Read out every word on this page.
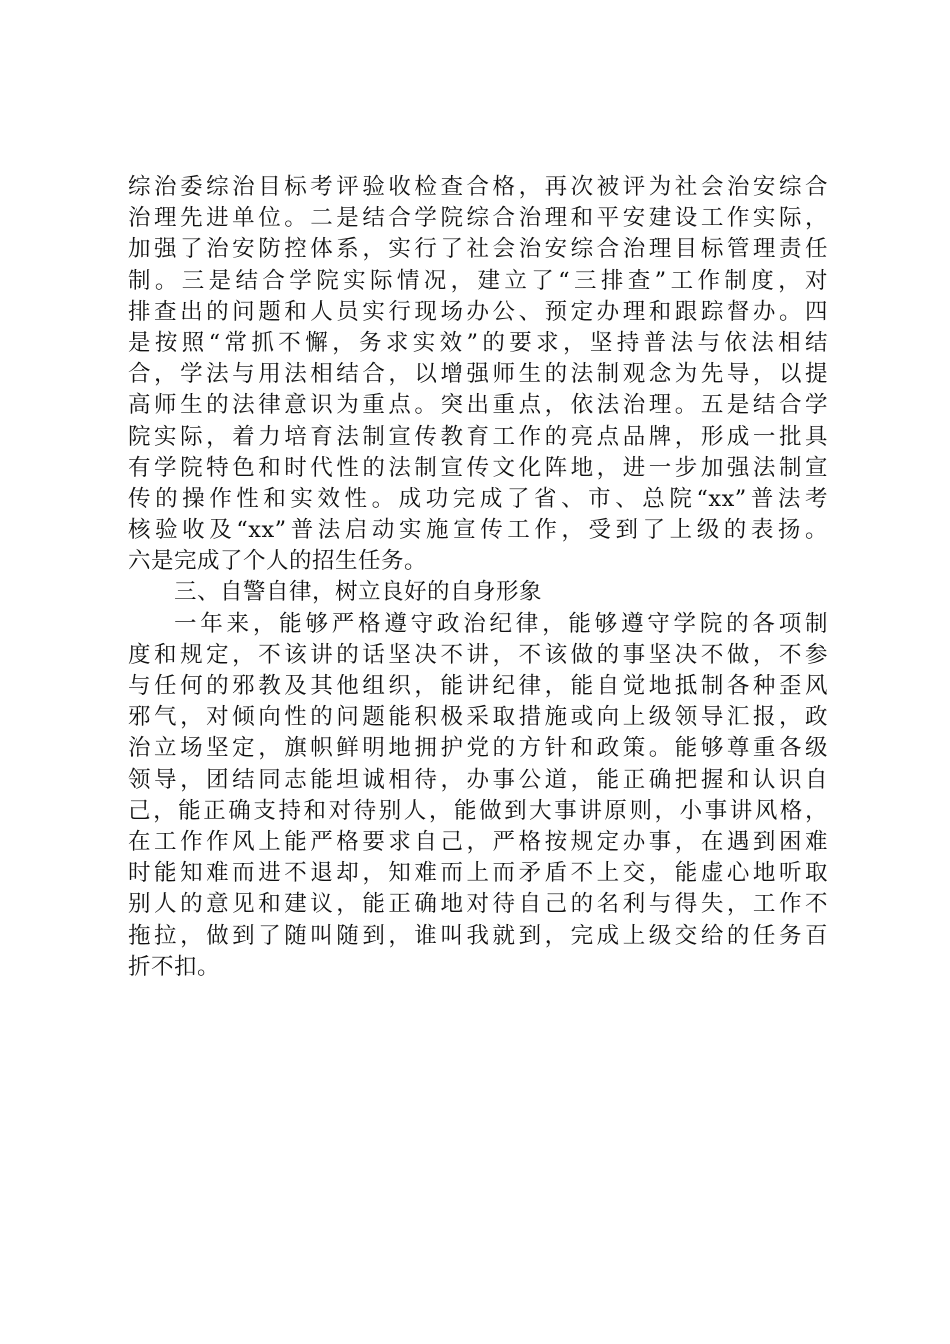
综治委综治目标考评验收检查合格，再次被评为社会治安综合
治理先进单位。二是结合学院综合治理和平安建设工作实际，
加强了治安防控体系，实行了社会治安综合治理目标管理责任
制。三是结合学院实际情况，建立了“三排查”工作制度，对
排查出的问题和人员实行现场办公、预定办理和跟踪督办。四
是按照“常抓不懈，务求实效”的要求，坚持普法与依法相结
合，学法与用法相结合，以增强师生的法制观念为先导，以提
高师生的法律意识为重点。突出重点，依法治理。五是结合学
院实际，着力培育法制宣传教育工作的亮点品牌，形成一批具
有学院特色和时代性的法制宣传文化阵地，进一步加强法制宣
传的操作性和实效性。成功完成了省、市、总院“xx”普法考
核验收及“xx”普法启动实施宣传工作，受到了上级的表扬。
六是完成了个人的招生任务。
三、自警自律，树立良好的自身形象
一年来，能够严格遵守政治纪律，能够遵守学院的各项制
度和规定，不该讲的话坚决不讲，不该做的事坚决不做，不参
与任何的邪教及其他组织，能讲纪律，能自觉地抵制各种歪风
邪气，对倾向性的问题能积极采取措施或向上级领导汇报，政
治立场坚定，旗帜鲜明地拥护党的方针和政策。能够尊重各级
领导，团结同志能坦诚相待，办事公道，能正确把握和认识自
己，能正确支持和对待别人，能做到大事讲原则，小事讲风格，
在工作作风上能严格要求自己，严格按规定办事，在遇到困难
时能知难而进不退却，知难而上而矛盾不上交，能虚心地听取
别人的意见和建议，能正确地对待自己的名利与得失，工作不
拖拉，做到了随叫随到，谁叫我就到，完成上级交给的任务百
折不扣。
